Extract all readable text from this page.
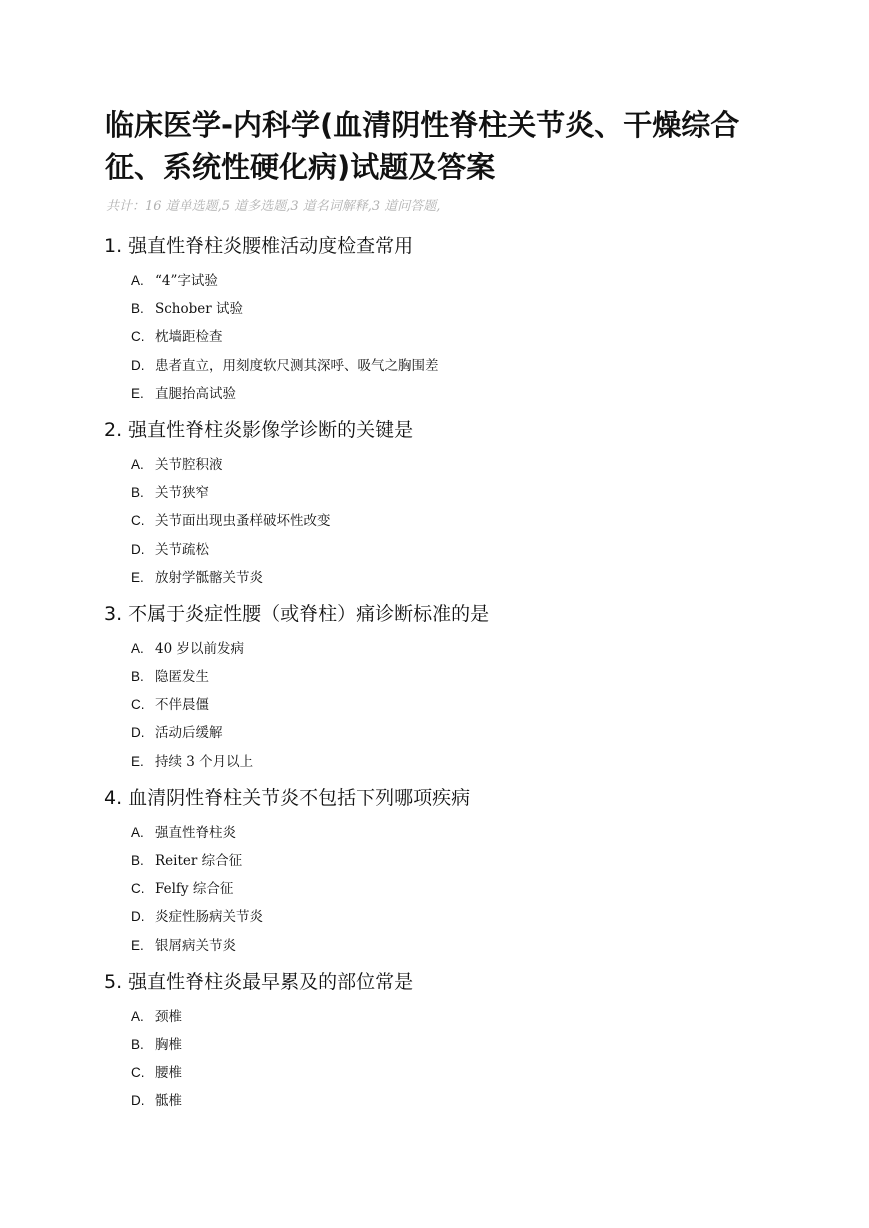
临床医学-内科学(血清阴性脊柱关节炎、干燥综合征、系统性硬化病)试题及答案
共计：16 道单选题,5 道多选题,3 道名词解释,3 道问答题,
1. 强直性脊柱炎腰椎活动度检查常用
A. “4”字试验
B. Schober 试验
C. 枕墙距检查
D. 患者直立，用刻度软尺测其深呼、吸气之胸围差
E. 直腿抬高试验
2. 强直性脊柱炎影像学诊断的关键是
A. 关节腔积液
B. 关节狭窄
C. 关节面出现虫蚤样破坏性改变
D. 关节疏松
E. 放射学骶髂关节炎
3. 不属于炎症性腰（或脊柱）痛诊断标准的是
A. 40 岁以前发病
B. 隐匿发生
C. 不伴晨僵
D. 活动后缓解
E. 持续 3 个月以上
4. 血清阴性脊柱关节炎不包括下列哪项疾病
A. 强直性脊柱炎
B. Reiter 综合征
C. Felfy 综合征
D. 炎症性肠病关节炎
E. 银屑病关节炎
5. 强直性脊柱炎最早累及的部位常是
A. 颈椎
B. 胸椎
C. 腰椎
D. 骶椎
